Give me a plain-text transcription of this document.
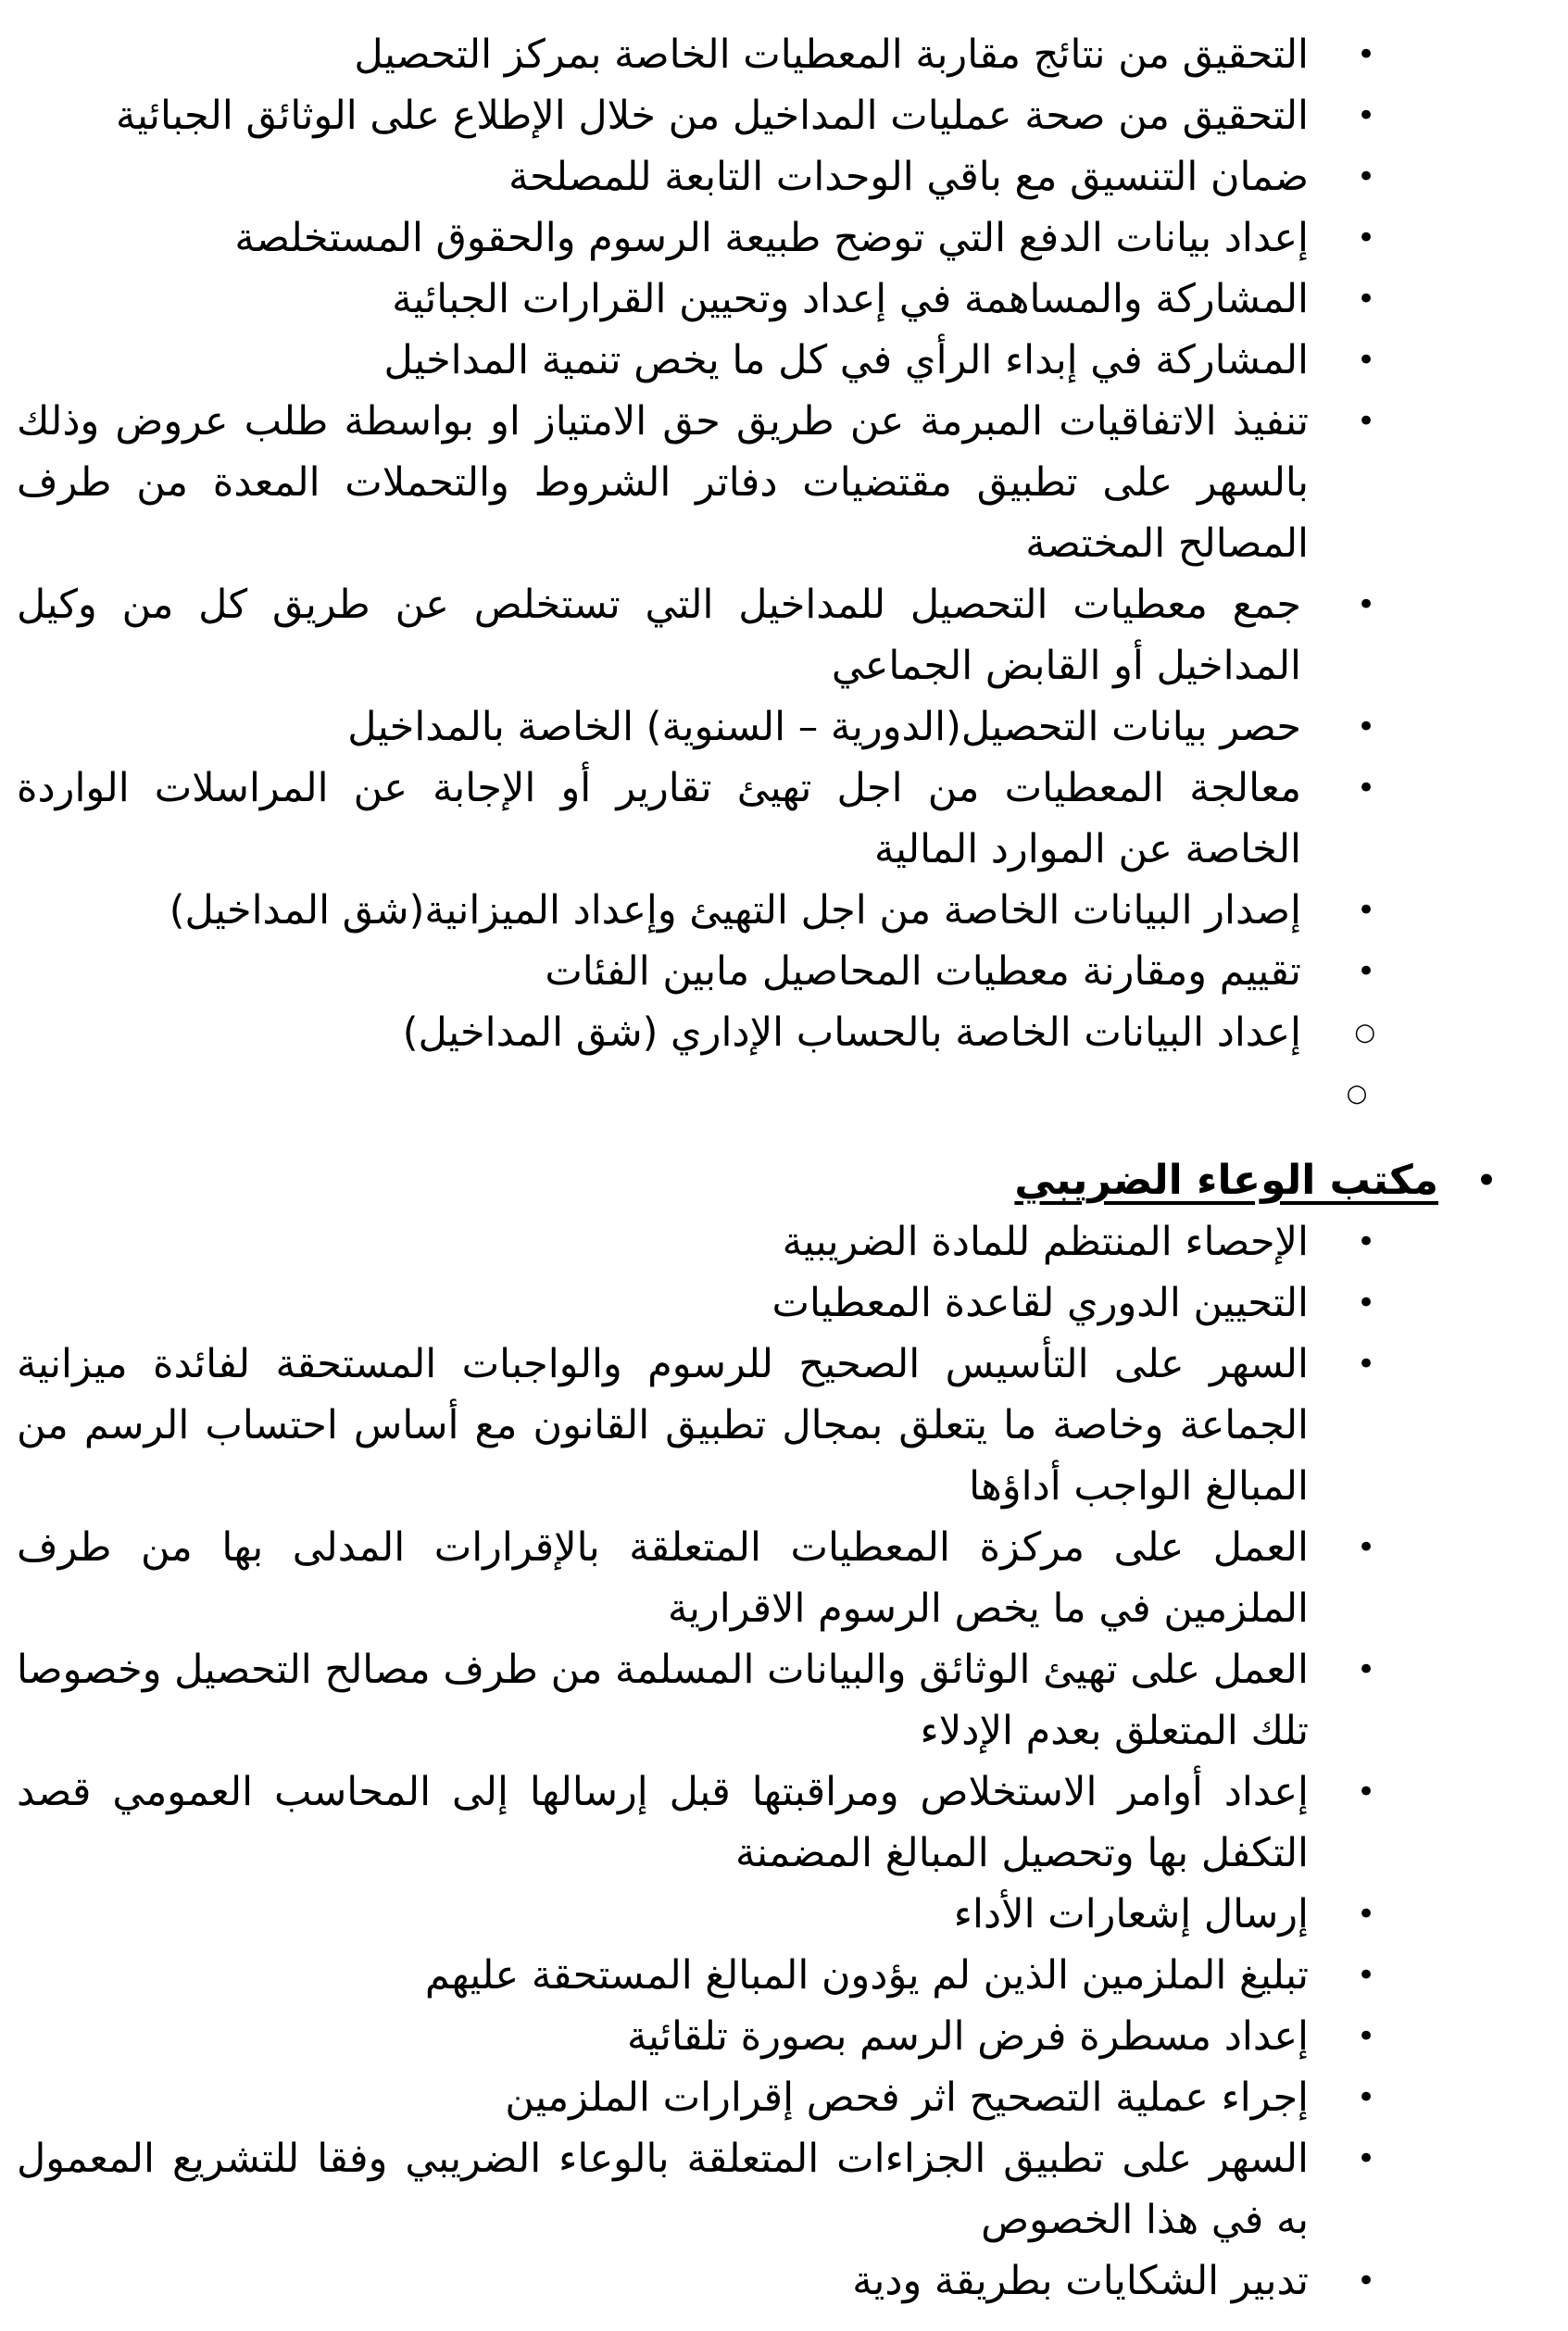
•
التحقيق من نتائج مقاربة المعطيات الخاصة بمركز التحصيل
•
التحقيق من صحة عمليات المداخيل من خلال الإطلاع على الوثائق الجبائية
•
ضمان التنسيق مع باقي الوحدات التابعة للمصلحة
•
إعداد بيانات الدفع التي توضح طبيعة الرسوم والحقوق المستخلصة
•
المشاركة والمساهمة في إعداد وتحيين القرارات الجبائية
•
المشاركة في إبداء الرأي في كل ما يخص تنمية المداخيل
•
تنفيذ الاتفاقيات المبرمة عن طريق حق الامتياز او بواسطة طلب عروض وذلك بالسهر على تطبيق مقتضيات دفاتر الشروط والتحملات المعدة من طرف المصالح المختصة
•
جمع معطيات التحصيل للمداخيل التي تستخلص عن طريق كل من وكيل المداخيل أو القابض الجماعي
•
حصر بيانات التحصيل(الدورية – السنوية) الخاصة بالمداخيل
•
معالجة المعطيات من اجل تهيئ تقارير أو الإجابة عن المراسلات الواردة الخاصة عن الموارد المالية
•
إصدار البيانات الخاصة من اجل التهيئ وإعداد الميزانية(شق المداخيل)
•
تقييم ومقارنة معطيات المحاصيل مابين الفئات
○
إعداد البيانات الخاصة بالحساب الإداري (شق المداخيل)
○
•
مكتب الوعاء الضريبي
•
الإحصاء المنتظم للمادة الضريبية
•
التحيين الدوري لقاعدة المعطيات
•
السهر على التأسيس الصحيح للرسوم والواجبات المستحقة لفائدة ميزانية الجماعة وخاصة ما يتعلق بمجال تطبيق القانون مع أساس احتساب الرسم من المبالغ الواجب أداؤها
•
العمل على مركزة المعطيات المتعلقة بالإقرارات المدلى بها من طرف الملزمين في ما يخص الرسوم الاقرارية
•
العمل على تهيئ الوثائق والبيانات المسلمة من طرف مصالح التحصيل وخصوصا تلك المتعلق بعدم الإدلاء
•
إعداد أوامر الاستخلاص ومراقبتها قبل إرسالها إلى المحاسب العمومي قصد التكفل بها وتحصيل المبالغ المضمنة
•
إرسال إشعارات الأداء
•
تبليغ الملزمين الذين لم يؤدون المبالغ المستحقة عليهم
•
إعداد مسطرة فرض الرسم بصورة تلقائية
•
إجراء عملية التصحيح اثر فحص إقرارات الملزمين
•
السهر على تطبيق الجزاءات المتعلقة بالوعاء الضريبي وفقا للتشريع المعمول به في هذا الخصوص
•
تدبير الشكايات بطريقة ودية
